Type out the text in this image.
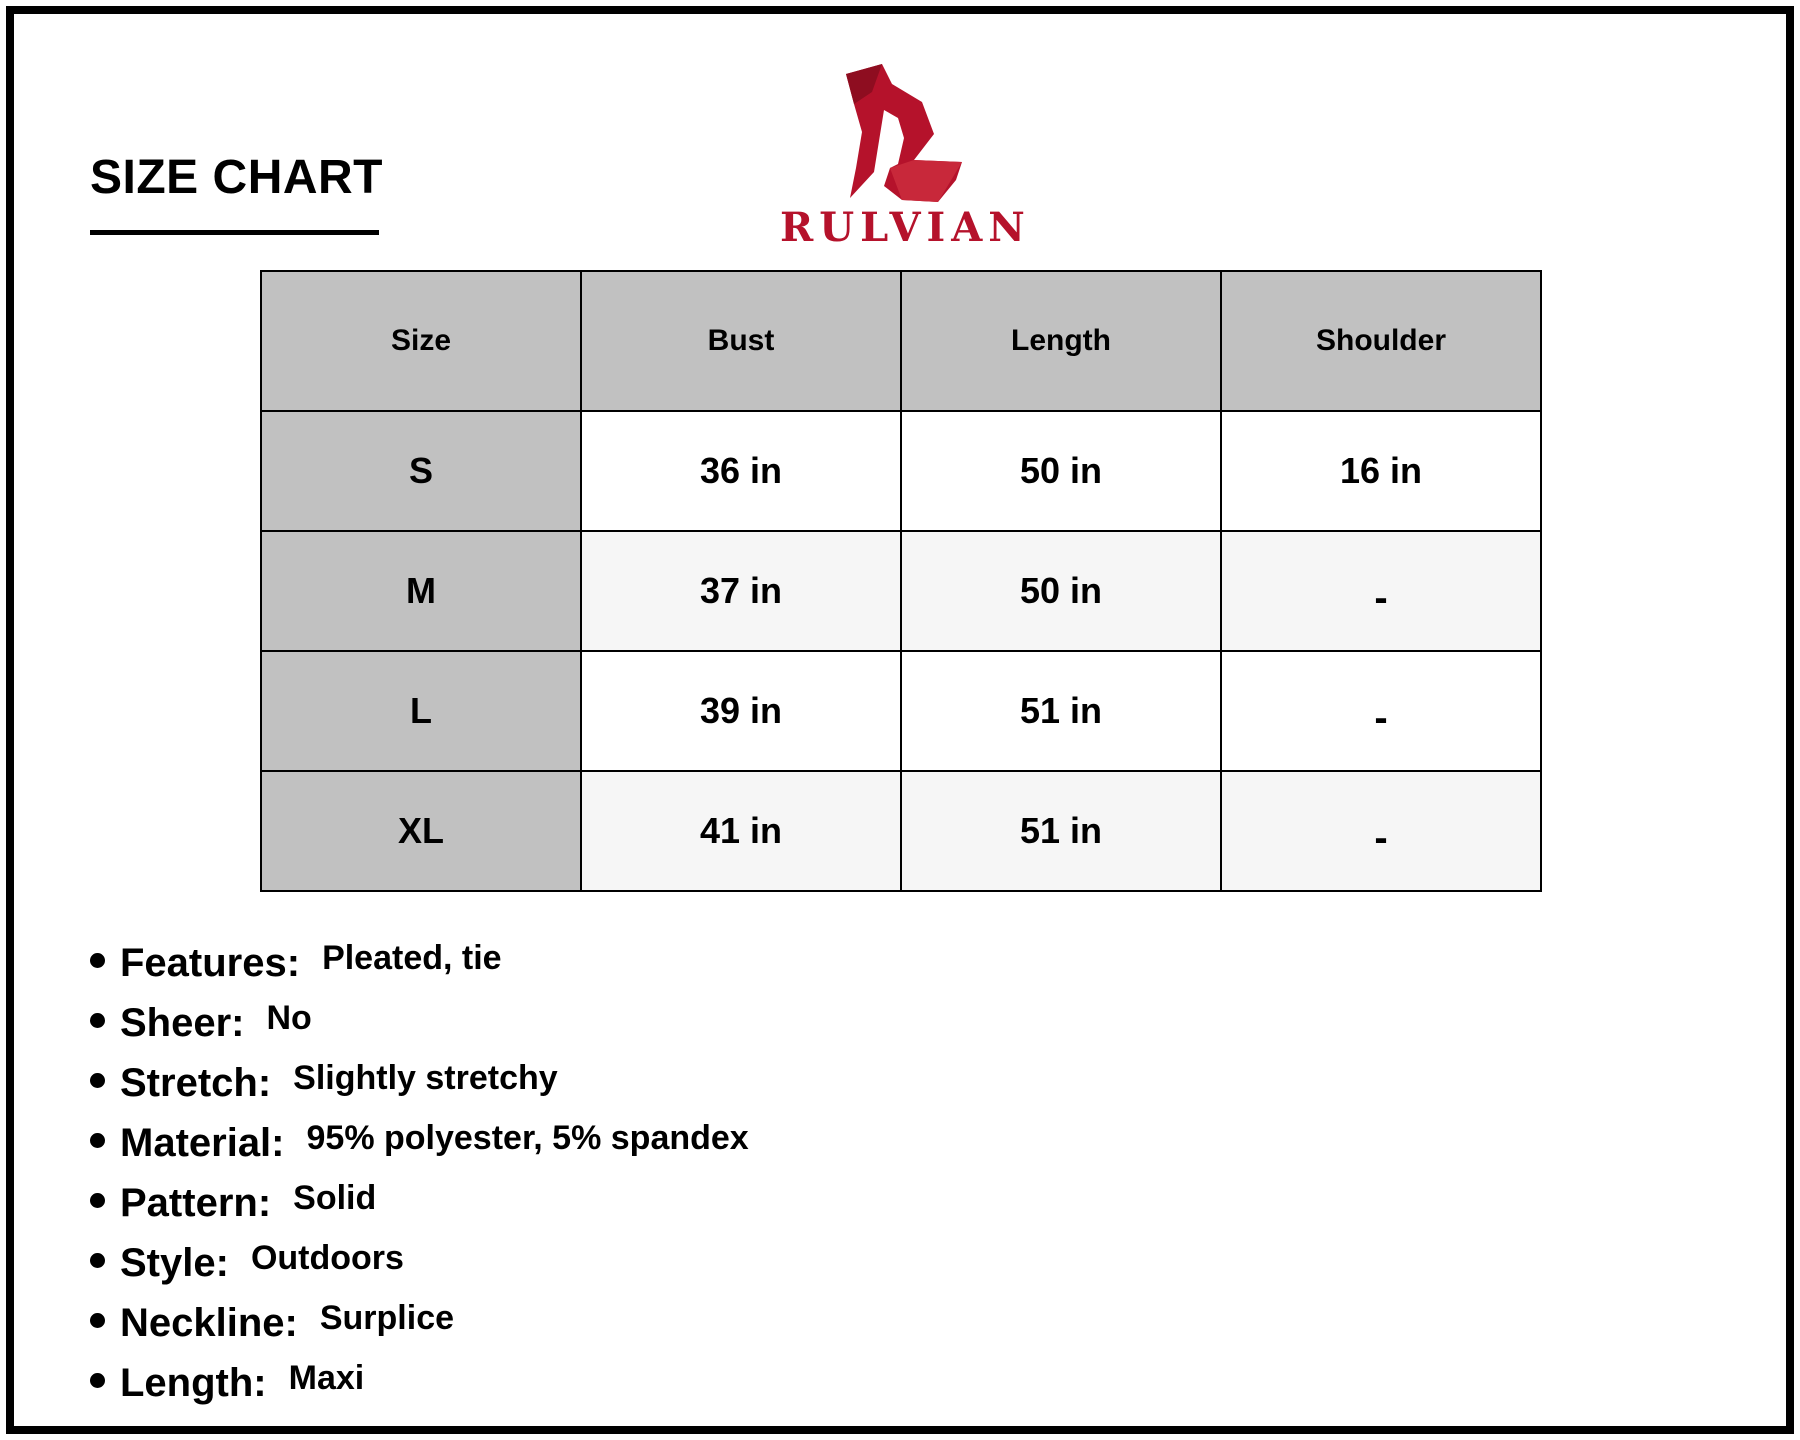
SIZE CHART
RULVIAN
Size	Bust	Length	Shoulder
S	36 in	50 in	16 in
M	37 in	50 in	-
L	39 in	51 in	-
XL	41 in	51 in	-
Features: Pleated, tie
Sheer: No
Stretch: Slightly stretchy
Material: 95% polyester, 5% spandex
Pattern: Solid
Style: Outdoors
Neckline: Surplice
Length: Maxi
